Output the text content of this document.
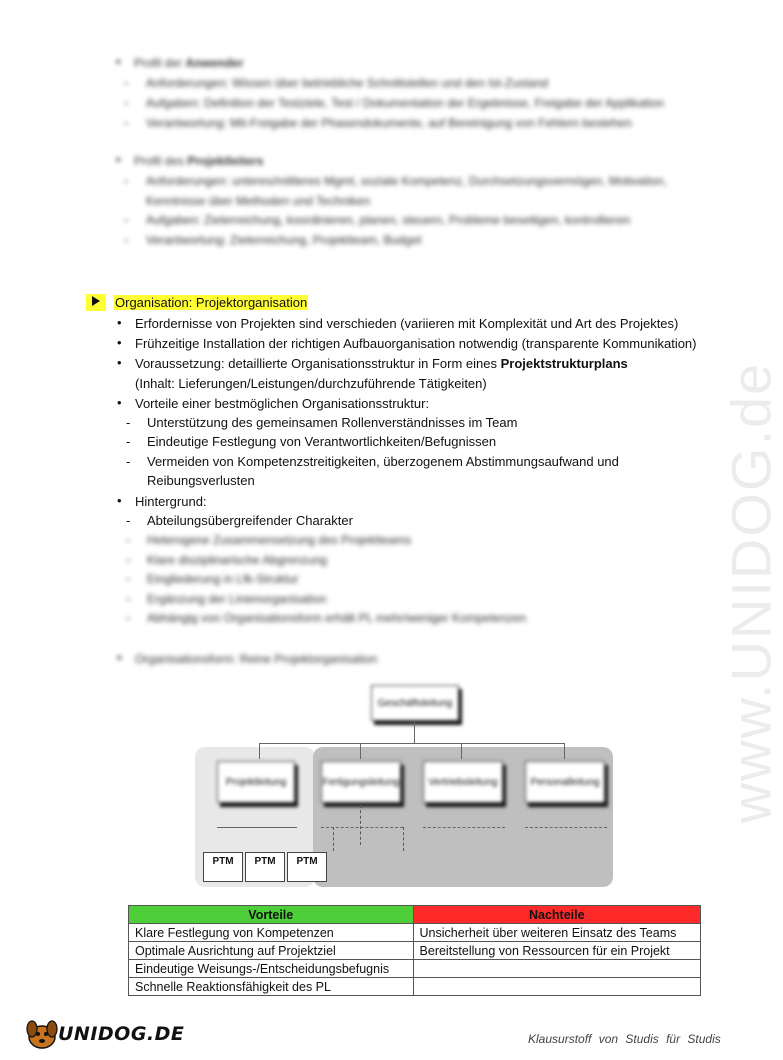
www.UNIDOG.de
• Profil der Anwender
- Anforderungen: Wissen über betriebliche Schnittstellen und den Ist-Zustand
- Aufgaben: Definition der Testziele, Test / Dokumentation der Ergebnisse, Freigabe der Applikation
- Verantwortung: Mit-Freigabe der Phasendokumente, auf Bereinigung von Fehlern bestehen
• Profil des Projektleiters
- Anforderungen: unteres/mittleres Mgmt, soziale Kompetenz, Durchsetzungsvermögen, Motivation,
Kenntnisse über Methoden und Techniken
- Aufgaben: Zielerreichung, koordinieren, planen, steuern, Probleme beseitigen, kontrollieren
- Verantwortung: Zielerreichung, Projektteam, Budget
Organisation: Projektorganisation
• Erfordernisse von Projekten sind verschieden (variieren mit Komplexität und Art des Projektes)
• Frühzeitige Installation der richtigen Aufbauorganisation notwendig (transparente Kommunikation)
• Voraussetzung: detaillierte Organisationsstruktur in Form eines Projektstrukturplans
(Inhalt: Lieferungen/Leistungen/durchzuführende Tätigkeiten)
• Vorteile einer bestmöglichen Organisationsstruktur:
- Unterstützung des gemeinsamen Rollenverständnisses im Team
- Eindeutige Festlegung von Verantwortlichkeiten/Befugnissen
- Vermeiden von Kompetenzstreitigkeiten, überzogenem Abstimmungsaufwand und
Reibungsverlusten
• Hintergrund:
- Abteilungsübergreifender Charakter
- Heterogene Zusammensetzung des Projektteams
- Klare disziplinarische Abgrenzung
- Eingliederung in Lfk-Struktur
- Ergänzung der Linienorganisation
- Abhängig von Organisationsform erhält PL mehr/weniger Kompetenzen
• Organisationsform: Reine Projektorganisation
Geschäftsleitung
Projektleitung	Fertigungsleitung	Vertriebsleitung	Personalleitung
PTM	PTM	PTM
Vorteile	Nachteile
Klare Festlegung von Kompetenzen	Unsicherheit über weiteren Einsatz des Teams
Optimale Ausrichtung auf Projektziel	Bereitstellung von Ressourcen für ein Projekt
Eindeutige Weisungs-/Entscheidungsbefugnis	
Schnelle Reaktionsfähigkeit des PL	
UNIDOG.DE	Klausurstoff von Studis für Studis
